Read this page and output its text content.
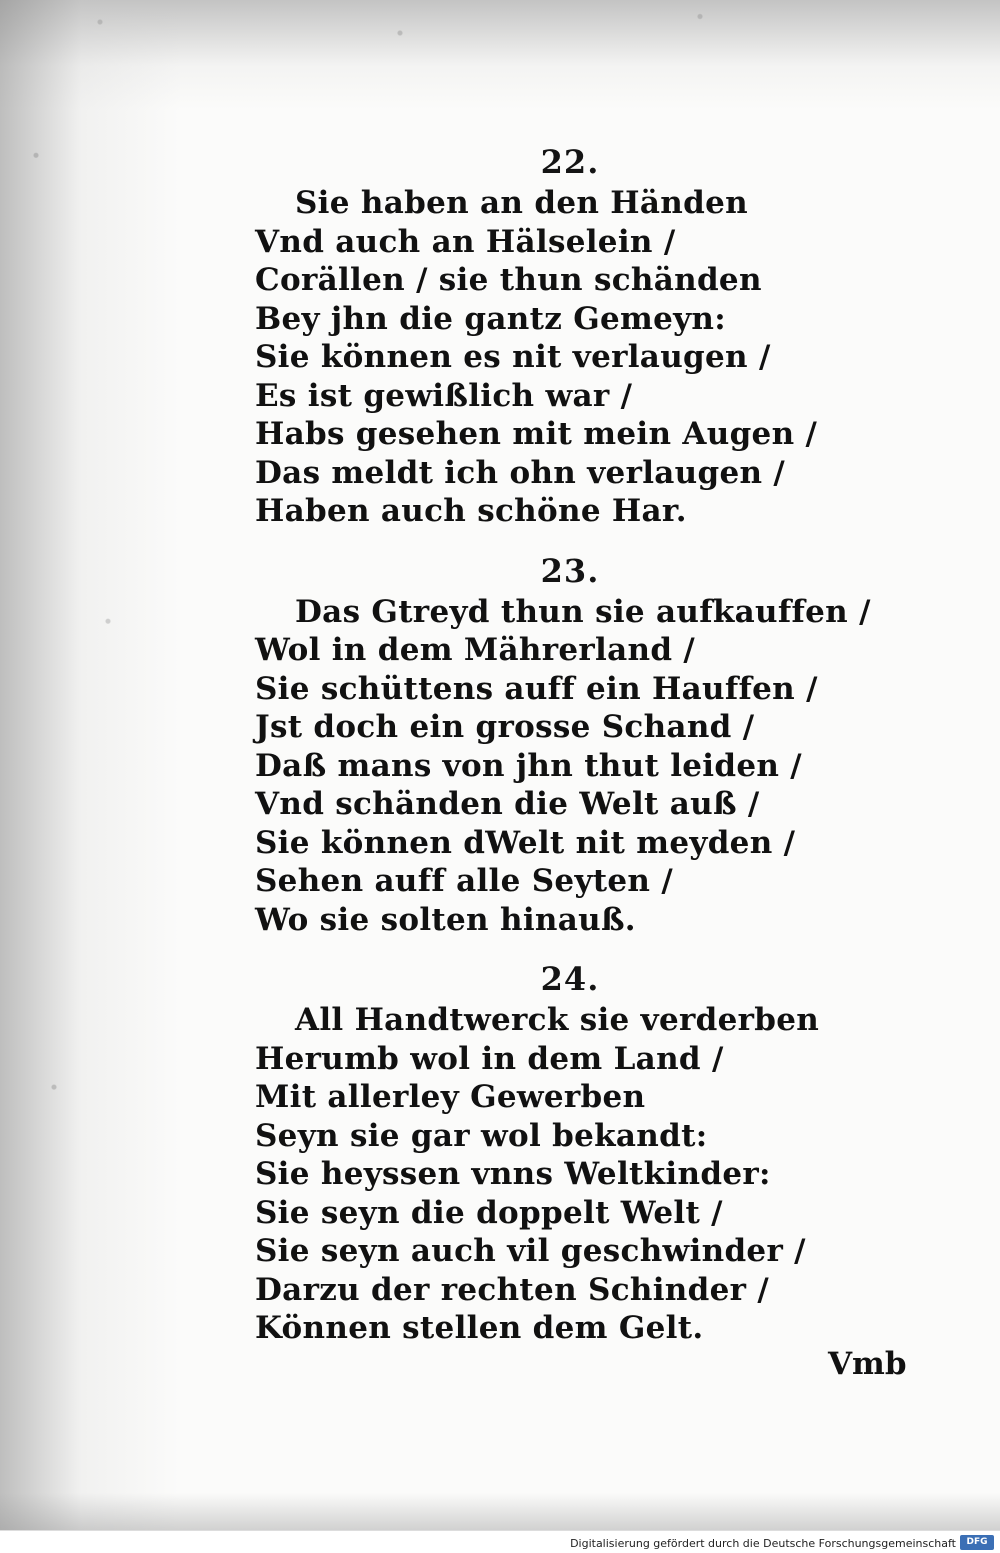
22.
Sie haben an den Händen
Vnd auch an Hälselein /
Corällen / sie thun schänden
Bey jhn die gantz Gemeyn:
Sie können es nit verlaugen /
Es ist gewißlich war /
Habs gesehen mit mein Augen /
Das meldt ich ohn verlaugen /
Haben auch schöne Har.
23.
Das Gtreyd thun sie aufkauffen /
Wol in dem Mährerland /
Sie schüttens auff ein Hauffen /
Jst doch ein grosse Schand /
Daß mans von jhn thut leiden /
Vnd schänden die Welt auß /
Sie können dWelt nit meyden /
Sehen auff alle Seyten /
Wo sie solten hinauß.
24.
All Handtwerck sie verderben
Herumb wol in dem Land /
Mit allerley Gewerben
Seyn sie gar wol bekandt:
Sie heyssen vnns Weltkinder:
Sie seyn die doppelt Welt /
Sie seyn auch vil geschwinder /
Darzu der rechten Schinder /
Können stellen dem Gelt.
Vmb
Digitalisierung gefördert durch die Deutsche Forschungsgemeinschaft	DFG
